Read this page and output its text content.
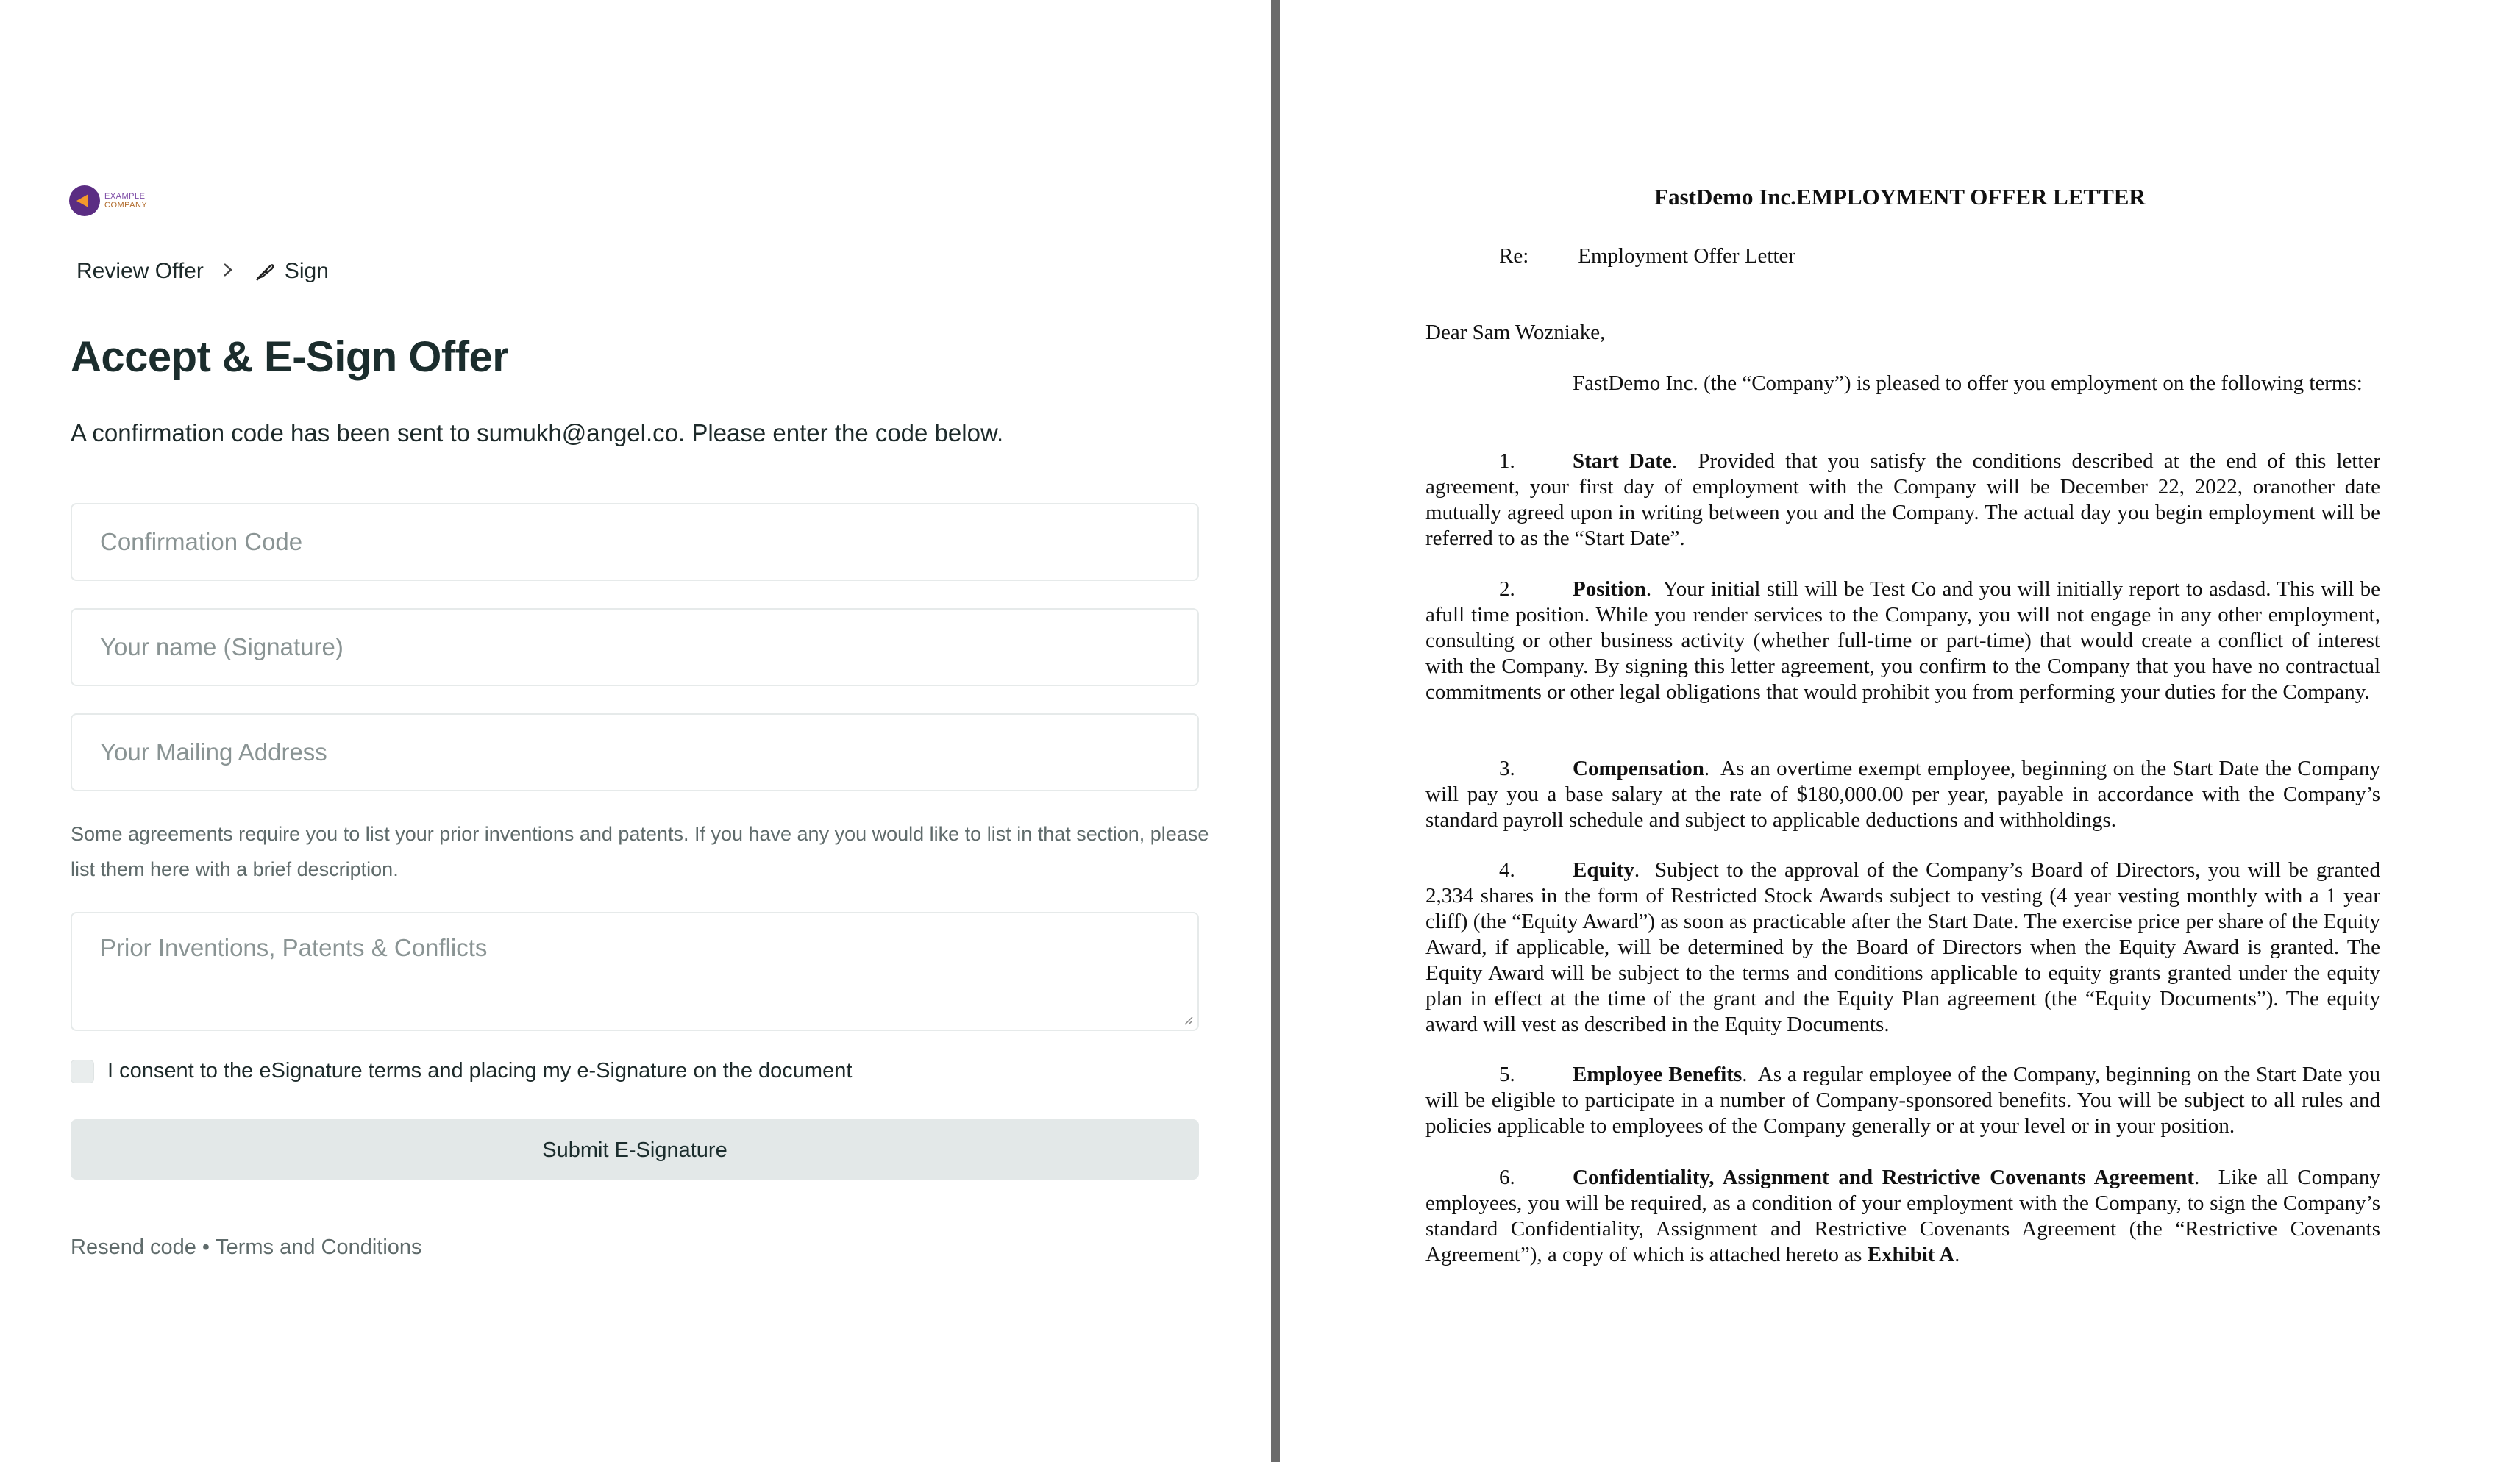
EXAMPLE
COMPANY
Review Offer	Sign
Accept & E-Sign Offer
A confirmation code has been sent to sumukh@angel.co. Please enter the code below.
Confirmation Code
Your name (Signature)
Your Mailing Address
Some agreements require you to list your prior inventions and patents. If you have any you would like to list in that section, please list them here with a brief description.
Prior Inventions, Patents & Conflicts
I consent to the eSignature terms and placing my e-Signature on the document
Submit E-Signature
Resend code • Terms and Conditions
FastDemo Inc.EMPLOYMENT OFFER LETTER
Re: Employment Offer Letter
Dear Sam Wozniake,
FastDemo Inc. (the “Company”) is pleased to offer you employment on the following terms:
1.	Start Date.  Provided that you satisfy the conditions described at the end of this letter agreement, your first day of employment with the Company will be December 22, 2022, oranother date mutually agreed upon in writing between you and the Company. The actual day you begin employment will be referred to as the “Start Date”.
2.	Position.  Your initial still will be Test Co and you will initially report to asdasd. This will be afull time position. While you render services to the Company, you will not engage in any other employment, consulting or other business activity (whether full-time or part-time) that would create a conflict of interest with the Company. By signing this letter agreement, you confirm to the Company that you have no contractual commitments or other legal obligations that would prohibit you from performing your duties for the Company.
3.	Compensation.  As an overtime exempt employee, beginning on the Start Date the Company will pay you a base salary at the rate of $180,000.00 per year, payable in accordance with the Company’s standard payroll schedule and subject to applicable deductions and withholdings.
4.	Equity.  Subject to the approval of the Company’s Board of Directors, you will be granted 2,334 shares in the form of Restricted Stock Awards subject to vesting (4 year vesting monthly with a 1 year cliff) (the “Equity Award”) as soon as practicable after the Start Date. The exercise price per share of the Equity Award, if applicable, will be determined by the Board of Directors when the Equity Award is granted. The Equity Award will be subject to the terms and conditions applicable to equity grants granted under the equity plan in effect at the time of the grant and the Equity Plan agreement (the “Equity Documents”). The equity award will vest as described in the Equity Documents.
5.	Employee Benefits.  As a regular employee of the Company, beginning on the Start Date you will be eligible to participate in a number of Company-sponsored benefits. You will be subject to all rules and policies applicable to employees of the Company generally or at your level or in your position.
6.	Confidentiality, Assignment and Restrictive Covenants Agreement.  Like all Company employees, you will be required, as a condition of your employment with the Company, to sign the Company’s standard Confidentiality, Assignment and Restrictive Covenants Agreement (the “Restrictive Covenants Agreement”), a copy of which is attached hereto as Exhibit A.
